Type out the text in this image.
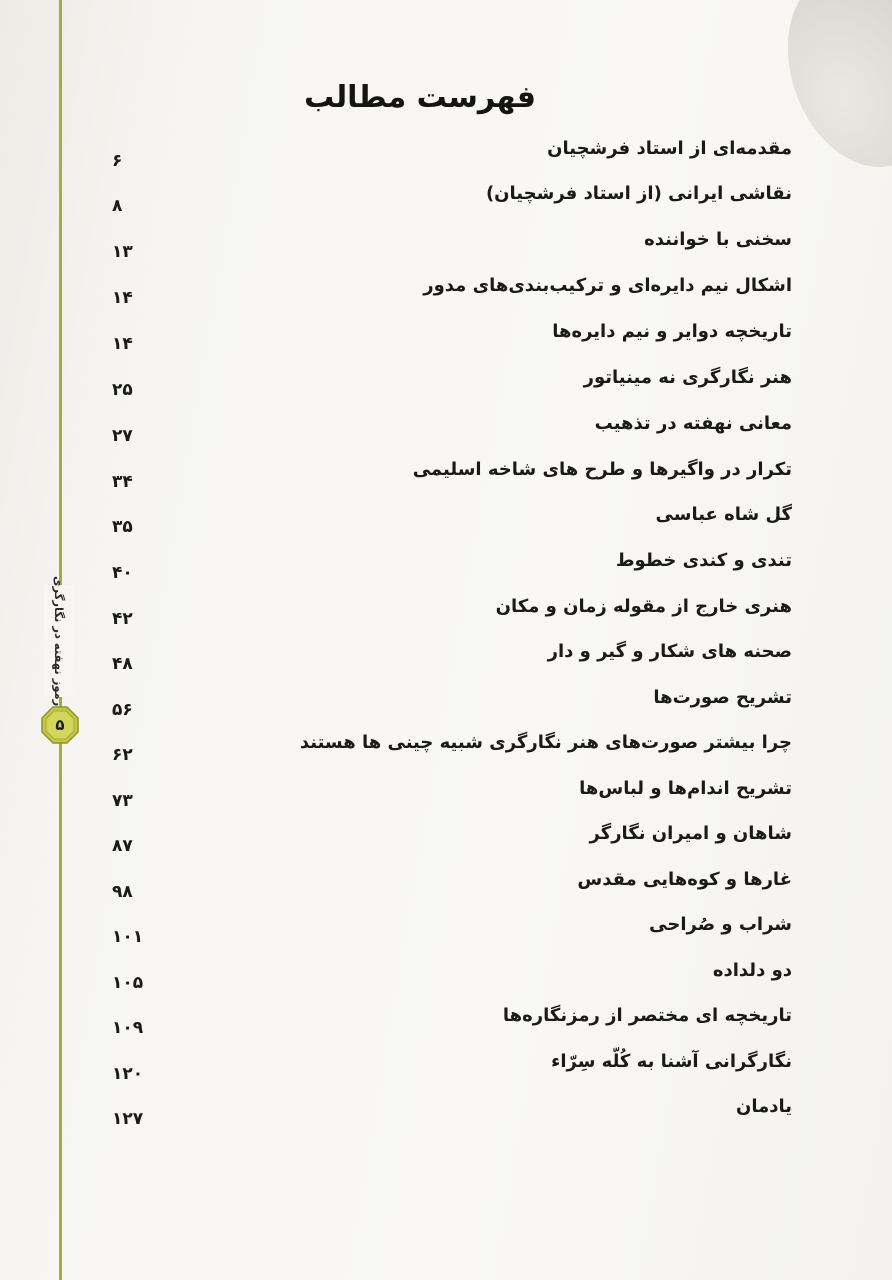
رموز نهفته در نگارگری
۵
فهرست مطالب
مقدمه‌ای از استاد فرشچیان
۶
نقاشی ایرانی (از استاد فرشچیان)
۸
سخنی با خواننده
۱۳
اشکال نیم دایره‌ای و ترکیب‌بندی‌های مدور
۱۴
تاریخچه دوایر و نیم دایره‌ها
۱۴
هنر نگارگری نه مینیاتور
۲۵
معانی نهفته در تذهیب
۲۷
تکرار در واگیرها و طرح های شاخه اسلیمی
۳۴
گل شاه عباسی
۳۵
تندی و کندی خطوط
۴۰
هنری خارج از مقوله زمان و مکان
۴۲
صحنه های شکار و گیر و دار
۴۸
تشریح صورت‌ها
۵۶
چرا بیشتر صورت‌های هنر نگارگری شبیه چینی ها هستند
۶۲
تشریح اندام‌ها و لباس‌ها
۷۳
شاهان و امیران نگارگر
۸۷
غارها و کوه‌هایی مقدس
۹۸
شراب و صُراحی
۱۰۱
دو دلداده
۱۰۵
تاریخچه ای مختصر از رمزنگاره‌ها
۱۰۹
نگارگرانی آشنا به کُلّه سِرّاء
۱۲۰
یادمان
۱۲۷
